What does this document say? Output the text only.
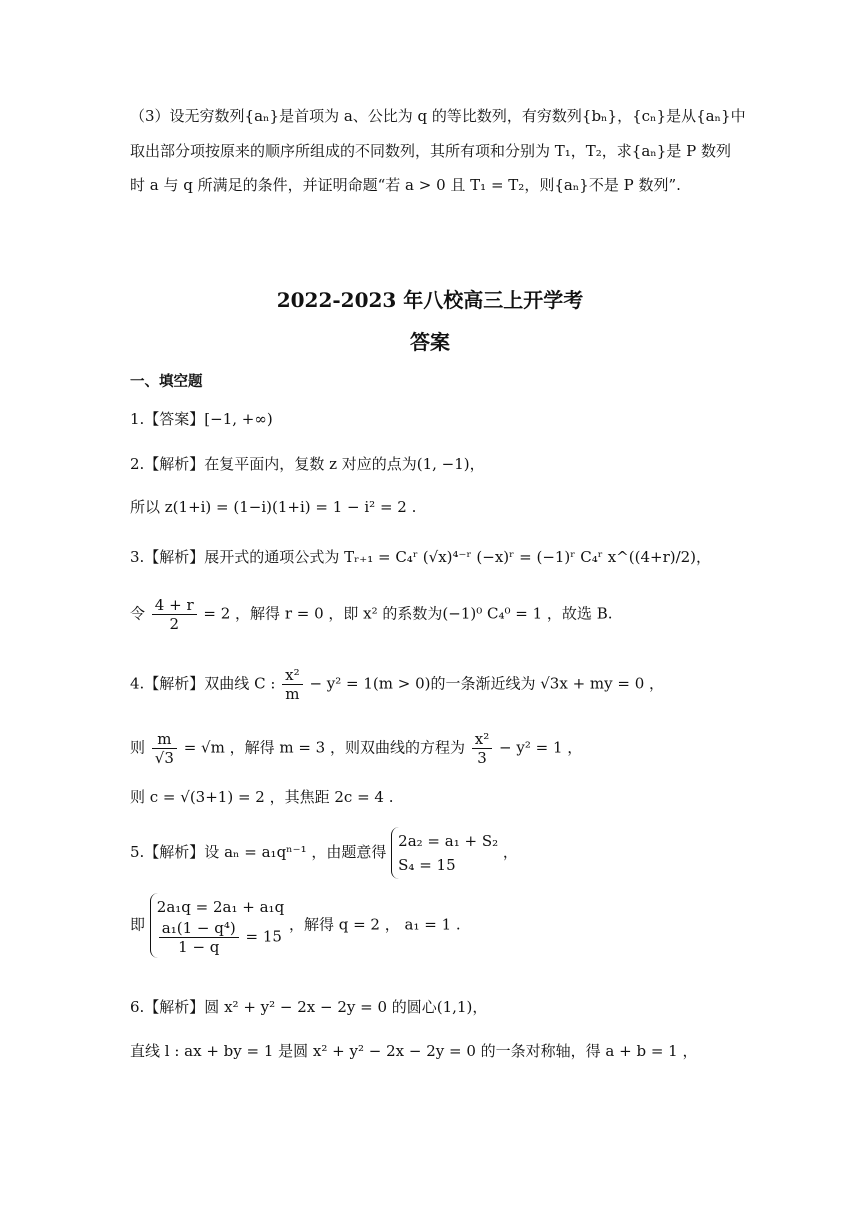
（3）设无穷数列{aₙ}是首项为 a、公比为 q 的等比数列，有穷数列{bₙ}，{cₙ}是从{aₙ}中
取出部分项按原来的顺序所组成的不同数列，其所有项和分别为 T₁，T₂，求{aₙ}是 P 数列
时 a 与 q 所满足的条件，并证明命题“若 a > 0 且 T₁ = T₂，则{aₙ}不是 P 数列”.
2022-2023 年八校高三上开学考
答案
一、填空题
1.【答案】[−1, +∞)
2.【解析】在复平面内，复数 z 对应的点为(1, −1)，
所以 z(1+i) = (1−i)(1+i) = 1 − i² = 2 .
3.【解析】展开式的通项公式为 Tᵣ₊₁ = C₄ʳ (√x)⁴⁻ʳ (−x)ʳ = (−1)ʳ C₄ʳ x^((4+r)/2)，
令 $\frac{4 + r}{2} = 2$ ，解得 r = 0 ，即 x² 的系数为(−1)⁰ C₄⁰ = 1 ，故选 B.
4.【解析】双曲线 C : $\frac{\text{x²}}{m} - y^2 = 1(m > 0)$的一条渐近线为 √3x + my = 0 ，
则 $\frac{m}{√3} = √m$ ，解得 m = 3 ，则双曲线的方程为 $\frac{\text{x²}}{3} - y^2 = 1$ ，
则 c = √(3+1) = 2 ，其焦距 2c = 4 .
5.【解析】设 aₙ = a₁qⁿ⁻¹ ，由题意得
2a₂ = a₁ + S₂
S₄ = 15
，
即
2a₁q = 2a₁ + a₁q
$\frac{\text{a₁(1 − q⁴)}}{1 - q} = 15$
，解得 q = 2 ， a₁ = 1 .
6.【解析】圆 x² + y² − 2x − 2y = 0 的圆心(1,1)，
直线 l : ax + by = 1 是圆 x² + y² − 2x − 2y = 0 的一条对称轴，得 a + b = 1 ，
